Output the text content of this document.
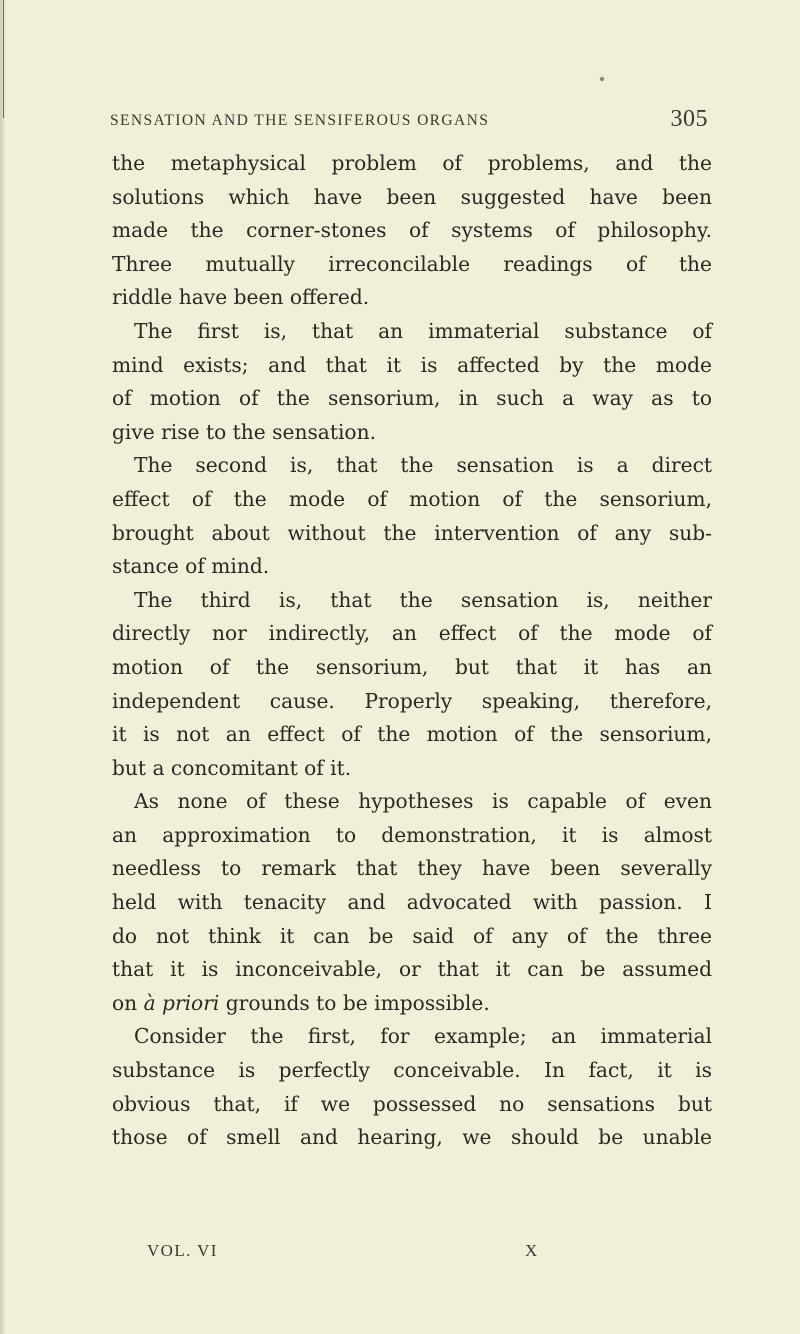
SENSATION AND THE SENSIFEROUS ORGANS	305
the metaphysical problem of problems, and the
solutions which have been suggested have been
made the corner-stones of systems of philosophy.
Three mutually irreconcilable readings of the
riddle have been offered.
The first is, that an immaterial substance of
mind exists; and that it is affected by the mode
of motion of the sensorium, in such a way as to
give rise to the sensation.
The second is, that the sensation is a direct
effect of the mode of motion of the sensorium,
brought about without the intervention of any sub-
stance of mind.
The third is, that the sensation is, neither
directly nor indirectly, an effect of the mode of
motion of the sensorium, but that it has an
independent cause. Properly speaking, therefore,
it is not an effect of the motion of the sensorium,
but a concomitant of it.
As none of these hypotheses is capable of even
an approximation to demonstration, it is almost
needless to remark that they have been severally
held with tenacity and advocated with passion. I
do not think it can be said of any of the three
that it is inconceivable, or that it can be assumed
on à priori grounds to be impossible.
Consider the first, for example; an immaterial
substance is perfectly conceivable. In fact, it is
obvious that, if we possessed no sensations but
those of smell and hearing, we should be unable
VOL. VI	X
